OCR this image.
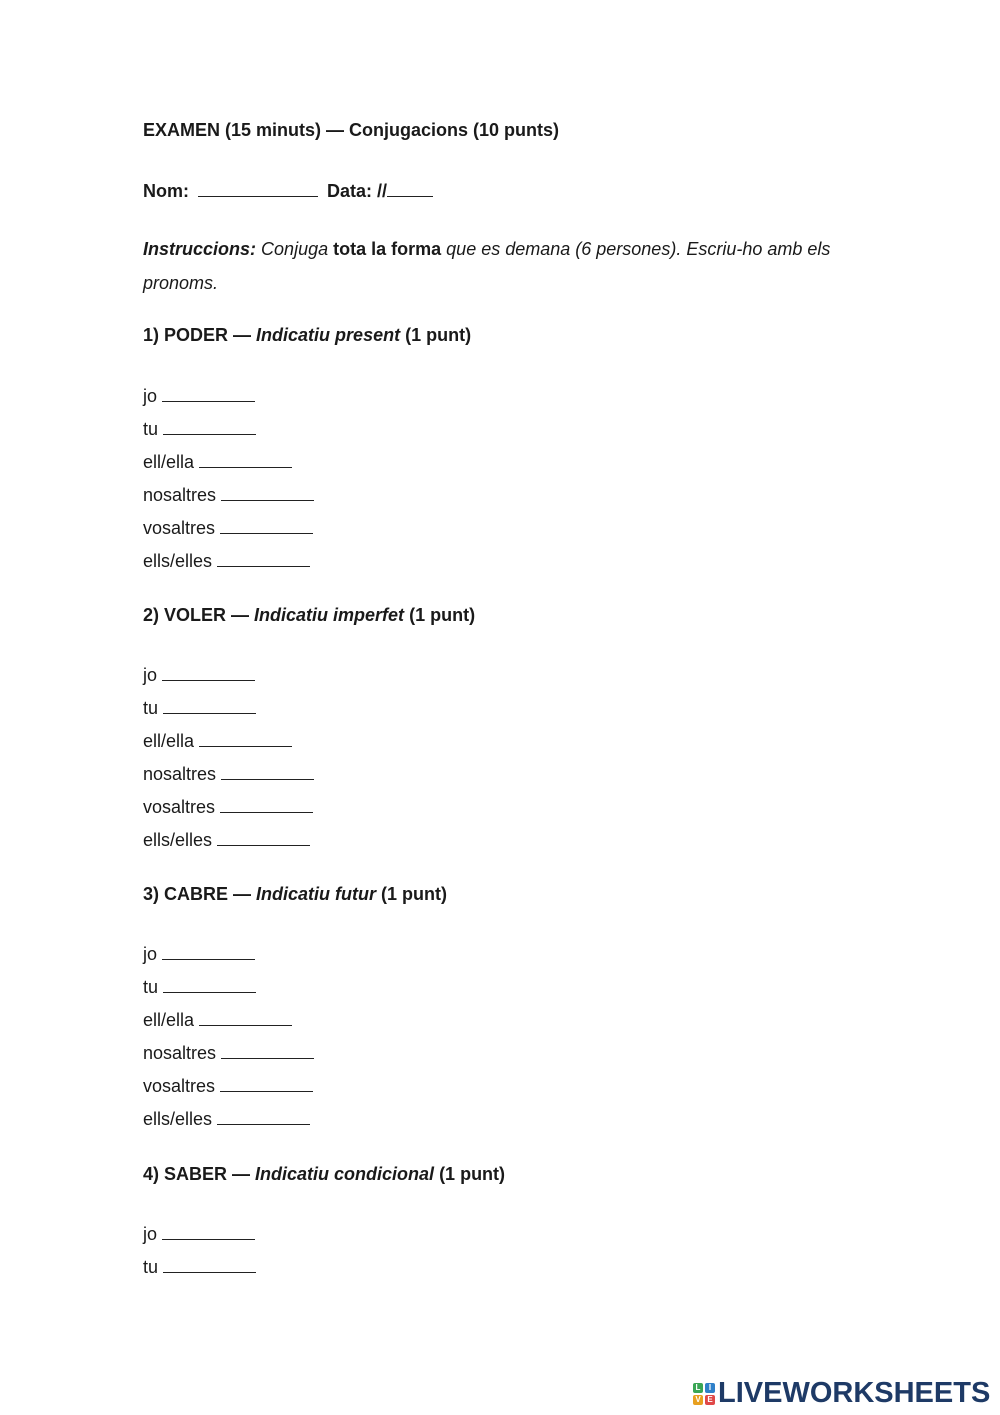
EXAMEN (15 minuts) — Conjugacions (10 punts)
Nom:	Data: //
Instruccions: Conjuga tota la forma que es demana (6 persones). Escriu-ho amb els pronoms.
1) PODER — Indicatiu present (1 punt)
jo
tu
ell/ella
nosaltres
vosaltres
ells/elles
2) VOLER — Indicatiu imperfet (1 punt)
jo
tu
ell/ella
nosaltres
vosaltres
ells/elles
3) CABRE — Indicatiu futur (1 punt)
jo
tu
ell/ella
nosaltres
vosaltres
ells/elles
4) SABER — Indicatiu condicional (1 punt)
jo
tu
L	I
V E LIVEWORKSHEETS
